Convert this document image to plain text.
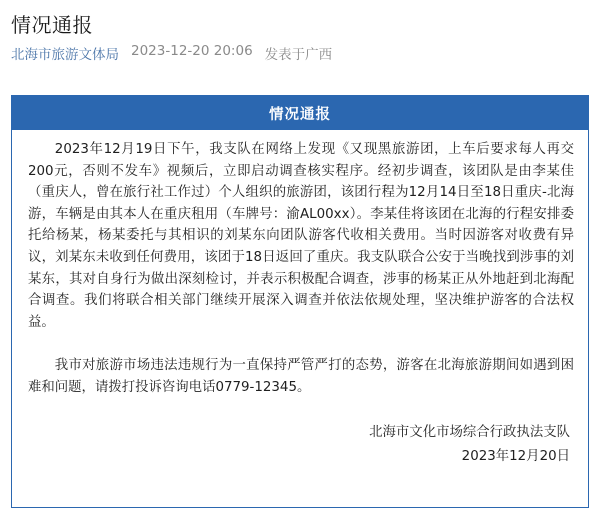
情况通报
北海市旅游文体局 2023-12-20 20:06 发表于广西
情况通报

2023年12月19日下午，我支队在网络上发现《又现黑旅游团，上车后要求每人再交200元，否则不发车》视频后，立即启动调查核实程序。经初步调查，该团队是由李某佳（重庆人，曾在旅行社工作过）个人组织的旅游团，该团行程为12月14日至18日重庆-北海游，车辆是由其本人在重庆租用（车牌号：渝AL00xx）。李某佳将该团在北海的行程安排委托给杨某，杨某委托与其相识的刘某东向团队游客代收相关费用。当时因游客对收费有异议，刘某东未收到任何费用，该团于18日返回了重庆。我支队联合公安于当晚找到涉事的刘某东，其对自身行为做出深刻检讨，并表示积极配合调查，涉事的杨某正从外地赶到北海配合调查。我们将联合相关部门继续开展深入调查并依法依规处理，坚决维护游客的合法权益。

我市对旅游市场违法违规行为一直保持严管严打的态势，游客在北海旅游期间如遇到困难和问题，请拨打投诉咨询电话0779-12345。

北海市文化市场综合行政执法支队
2023年12月20日
